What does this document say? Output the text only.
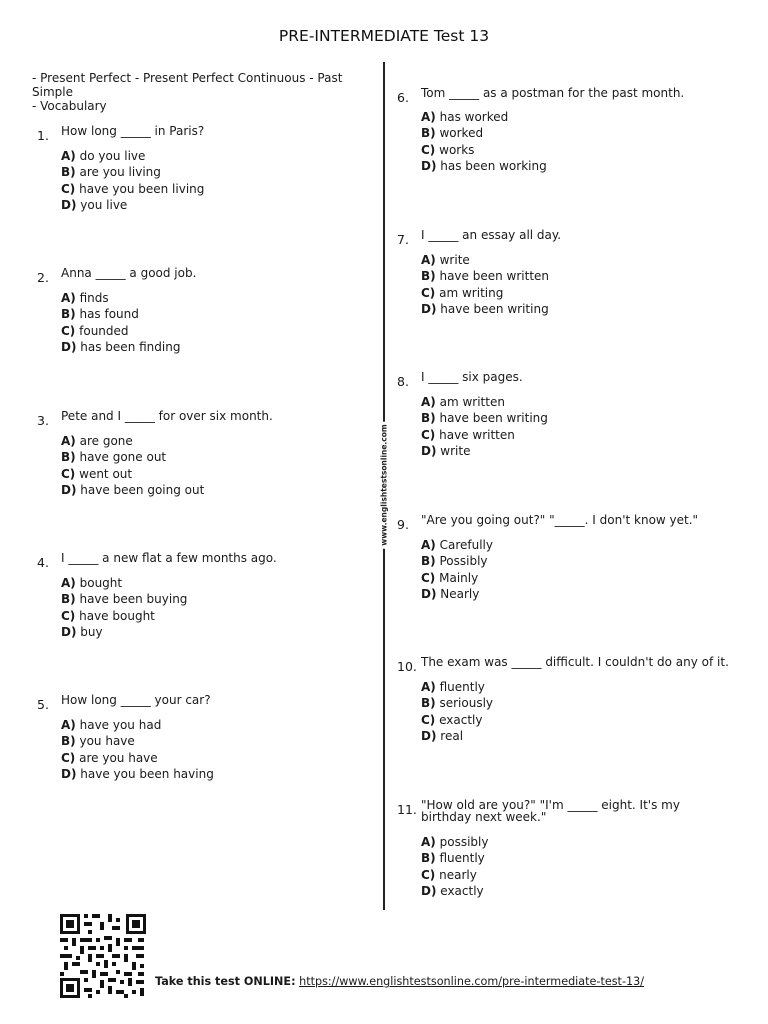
PRE-INTERMEDIATE Test 13
- Present Perfect - Present Perfect Continuous - Past Simple
- Vocabulary
www.englishtestsonline.com
1. How long _____ in Paris?
A) do you live
B) are you living
C) have you been living
D) you live
2. Anna _____ a good job.
A) finds
B) has found
C) founded
D) has been finding
3. Pete and I _____ for over six month.
A) are gone
B) have gone out
C) went out
D) have been going out
4. I _____ a new flat a few months ago.
A) bought
B) have been buying
C) have bought
D) buy
5. How long _____ your car?
A) have you had
B) you have
C) are you have
D) have you been having
6. Tom _____ as a postman for the past month.
A) has worked
B) worked
C) works
D) has been working
7. I _____ an essay all day.
A) write
B) have been written
C) am writing
D) have been writing
8. I _____ six pages.
A) am written
B) have been writing
C) have written
D) write
9. "Are you going out?" "_____. I don't know yet."
A) Carefully
B) Possibly
C) Mainly
D) Nearly
10. The exam was _____ difficult. I couldn't do any of it.
A) fluently
B) seriously
C) exactly
D) real
11. "How old are you?" "I'm _____ eight. It's my birthday next week."
A) possibly
B) fluently
C) nearly
D) exactly
Take this test ONLINE: https://www.englishtestsonline.com/pre-intermediate-test-13/
